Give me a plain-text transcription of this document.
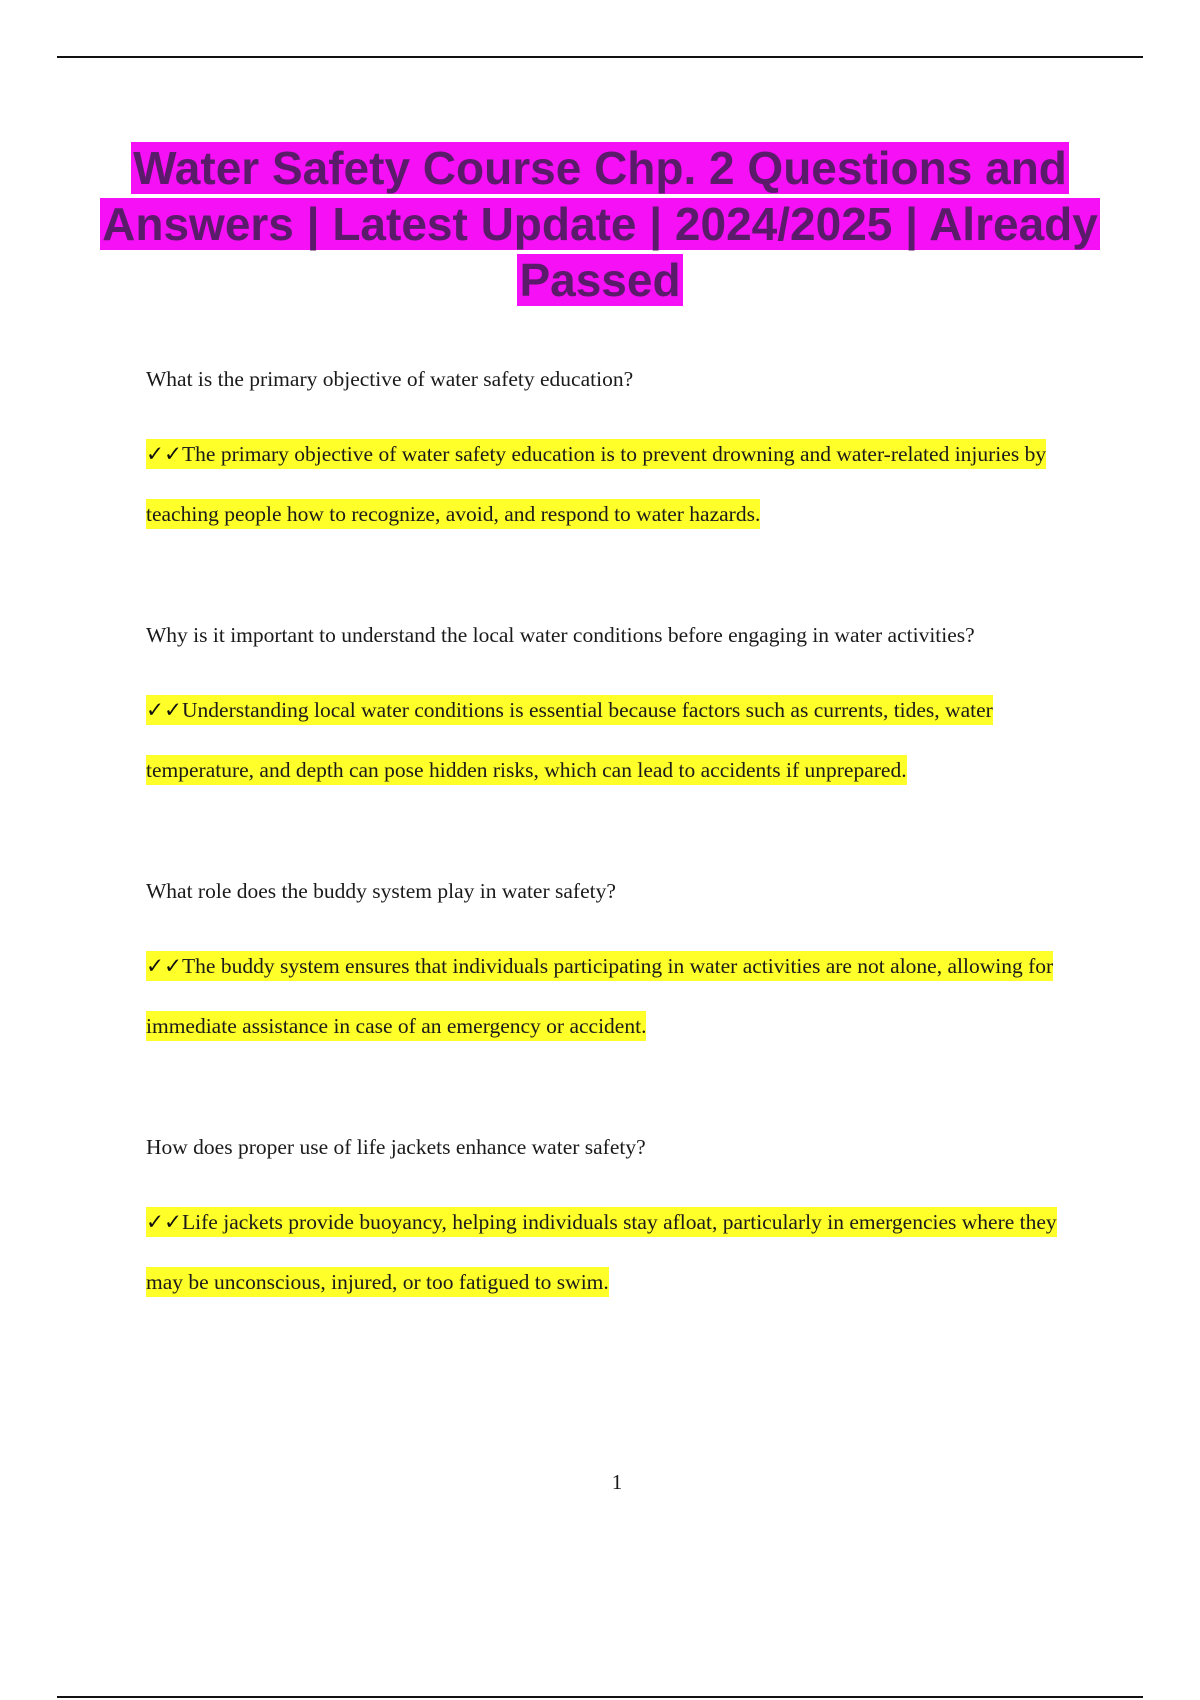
Water Safety Course Chp. 2 Questions and Answers | Latest Update | 2024/2025 | Already Passed

What is the primary objective of water safety education?

✓✓The primary objective of water safety education is to prevent drowning and water-related injuries by teaching people how to recognize, avoid, and respond to water hazards.

Why is it important to understand the local water conditions before engaging in water activities?

✓✓Understanding local water conditions is essential because factors such as currents, tides, water temperature, and depth can pose hidden risks, which can lead to accidents if unprepared.

What role does the buddy system play in water safety?

✓✓The buddy system ensures that individuals participating in water activities are not alone, allowing for immediate assistance in case of an emergency or accident.

How does proper use of life jackets enhance water safety?

✓✓Life jackets provide buoyancy, helping individuals stay afloat, particularly in emergencies where they may be unconscious, injured, or too fatigued to swim.

1
